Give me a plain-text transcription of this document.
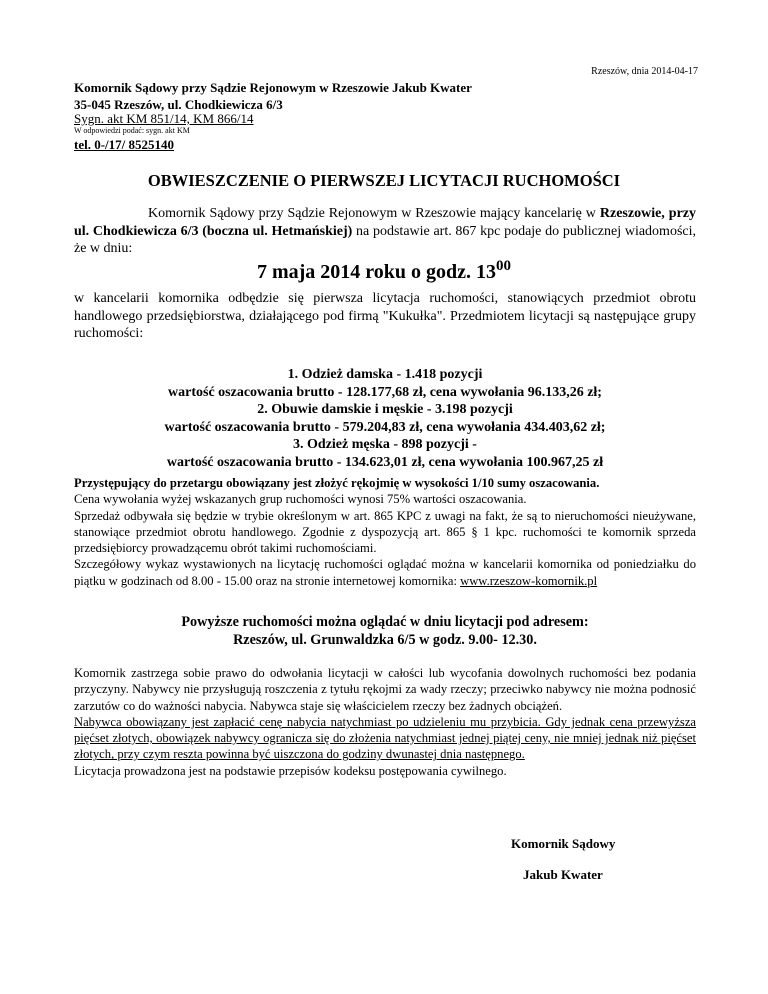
Rzeszów, dnia 2014-04-17
Komornik Sądowy przy Sądzie Rejonowym w Rzeszowie Jakub Kwater
35-045 Rzeszów, ul. Chodkiewicza 6/3
Sygn. akt KM 851/14, KM 866/14
W odpowiedzi podać: sygn. akt KM
tel. 0-/17/ 8525140
OBWIESZCZENIE O PIERWSZEJ LICYTACJI RUCHOMOŚCI
Komornik Sądowy przy Sądzie Rejonowym w Rzeszowie mający kancelarię w Rzeszowie, przy ul. Chodkiewicza 6/3 (boczna ul. Hetmańskiej) na podstawie art. 867 kpc podaje do publicznej wiadomości, że w dniu:
7 maja 2014 roku o godz. $13^{00}$
w kancelarii komornika odbędzie się pierwsza licytacja ruchomości, stanowiących przedmiot obrotu handlowego przedsiębiorstwa, działającego pod firmą "Kukułka". Przedmiotem licytacji są następujące grupy ruchomości:
1. Odzież damska - 1.418 pozycji
wartość oszacowania brutto - 128.177,68 zł, cena wywołania 96.133,26 zł;
2. Obuwie damskie i męskie - 3.198 pozycji
wartość oszacowania brutto - 579.204,83 zł, cena wywołania 434.403,62 zł;
3. Odzież męska - 898 pozycji -
wartość oszacowania brutto - 134.623,01 zł, cena wywołania 100.967,25 zł
Przystępujący do przetargu obowiązany jest złożyć rękojmię w wysokości 1/10 sumy oszacowania.
Cena wywołania wyżej wskazanych grup ruchomości wynosi 75% wartości oszacowania.
Sprzedaż odbywała się będzie w trybie określonym w art. 865 KPC z uwagi na fakt, że są to nieruchomości nieużywane, stanowiące przedmiot obrotu handlowego. Zgodnie z dyspozycją art. 865 § 1 kpc. ruchomości te komornik sprzeda przedsiębiorcy prowadzącemu obrót takimi ruchomościami.
Szczegółowy wykaz wystawionych na licytację ruchomości oglądać można w kancelarii komornika od poniedziałku do piątku w godzinach od 8.00 - 15.00 oraz na stronie internetowej komornika: www.rzeszow-komornik.pl
Powyższe ruchomości można oglądać w dniu licytacji pod adresem:
Rzeszów, ul. Grunwaldzka 6/5 w godz. 9.00- 12.30.
Komornik zastrzega sobie prawo do odwołania licytacji w całości lub wycofania dowolnych ruchomości bez podania przyczyny. Nabywcy nie przysługują roszczenia z tytułu rękojmi za wady rzeczy; przeciwko nabywcy nie można podnosić zarzutów co do ważności nabycia. Nabywca staje się właścicielem rzeczy bez żadnych obciążeń.
Nabywca obowiązany jest zapłacić cenę nabycia natychmiast po udzieleniu mu przybicia. Gdy jednak cena przewyższa pięćset złotych, obowiązek nabywcy ogranicza się do złożenia natychmiast jednej piątej ceny, nie mniej jednak niż pięćset złotych, przy czym reszta powinna być uiszczona do godziny dwunastej dnia następnego.
Licytacja prowadzona jest na podstawie przepisów kodeksu postępowania cywilnego.
Komornik Sądowy
Jakub Kwater
